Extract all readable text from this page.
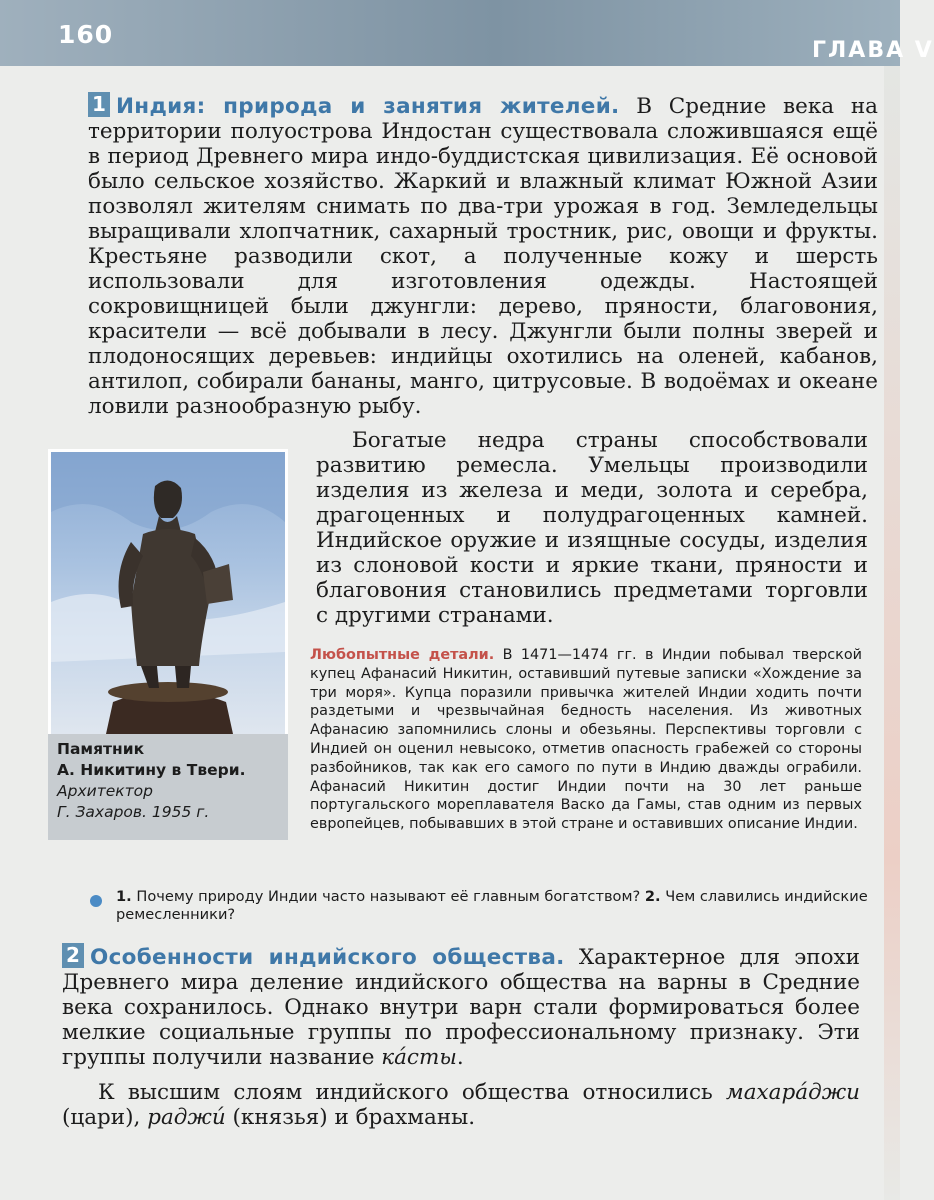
160
ГЛАВА V
1 Индия: природа и занятия жителей. В Средние века на территории полуострова Индостан существовала сложившаяся ещё в период Древнего мира индо-буддистская цивилизация. Её основой было сельское хозяйство. Жаркий и влажный климат Южной Азии позволял жителям снимать по два-три урожая в год. Земледельцы выращивали хлопчатник, сахарный тростник, рис, овощи и фрукты. Крестьяне разводили скот, а полученные кожу и шерсть использовали для изготовления одежды. Настоящей сокровищницей были джунгли: дерево, пряности, благовония, красители — всё добывали в лесу. Джунгли были полны зверей и плодоносящих деревьев: индийцы охотились на оленей, кабанов, антилоп, собирали бананы, манго, цитрусовые. В водоёмах и океане ловили разнообразную рыбу.
Памятник
А. Никитину в Твери.
Архитектор
Г. Захаров. 1955 г.
Богатые недра страны способствовали развитию ремесла. Умельцы производили изделия из железа и меди, золота и серебра, драгоценных и полудрагоценных камней. Индийское оружие и изящные сосуды, изделия из слоновой кости и яркие ткани, пряности и благовония становились предметами торговли с другими странами.
Любопытные детали. В 1471—1474 гг. в Индии побывал тверской купец Афанасий Никитин, оставивший путевые записки «Хождение за три моря». Купца поразили привычка жителей Индии ходить почти раздетыми и чрезвычайная бедность населения. Из животных Афанасию запомнились слоны и обезьяны. Перспективы торговли с Индией он оценил невысоко, отметив опасность грабежей со стороны разбойников, так как его самого по пути в Индию дважды ограбили. Афанасий Никитин достиг Индии почти на 30 лет раньше португальского мореплавателя Васко да Гамы, став одним из первых европейцев, побывавших в этой стране и оставивших описание Индии.
1. Почему природу Индии часто называют её главным богатством? 2. Чем славились индийские ремесленники?
2 Особенности индийского общества. Характерное для эпохи Древнего мира деление индийского общества на варны в Средние века сохранилось. Однако внутри варн стали формироваться более мелкие социальные группы по профессиональному признаку. Эти группы получили название ка́сты.
К высшим слоям индийского общества относились махара́джи (цари), раджи́ (князья) и брахманы.
